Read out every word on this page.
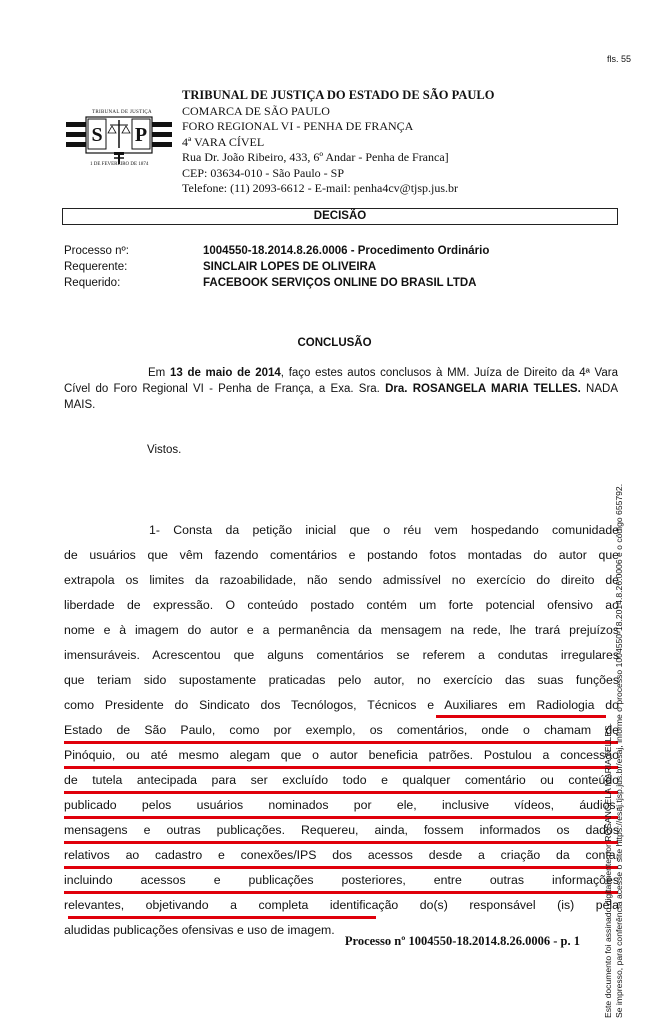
fls. 55
TRIBUNAL DE JUSTIÇA
S P
1 DE FEVEREIRO DE 1874
TRIBUNAL DE JUSTIÇA DO ESTADO DE SÃO PAULO
COMARCA DE SÃO PAULO
FORO REGIONAL VI - PENHA DE FRANÇA
4ª VARA CÍVEL
Rua Dr. João Ribeiro, 433, 6º Andar - Penha de Franca]
CEP: 03634-010 - São Paulo - SP
Telefone: (11) 2093-6612 - E-mail: penha4cv@tjsp.jus.br
DECISÃO
Processo nº:	1004550-18.2014.8.26.0006 - Procedimento Ordinário
Requerente:	SINCLAIR LOPES DE OLIVEIRA
Requerido:	FACEBOOK SERVIÇOS ONLINE DO BRASIL LTDA
CONCLUSÃO
Em 13 de maio de 2014, faço estes autos conclusos à MM. Juíza de Direito da 4ª Vara Cível do Foro Regional VI - Penha de França, a Exa. Sra. Dra. ROSANGELA MARIA TELLES. NADA MAIS.
Vistos.
1- Consta da petição inicial que o réu vem hospedando comunidade
de usuários que vêm fazendo comentários e postando fotos montadas do autor que
extrapola os limites da razoabilidade, não sendo admissível no exercício do direito de
liberdade de expressão. O conteúdo postado contém um forte potencial ofensivo ao
nome e à imagem do autor e a permanência da mensagem na rede, lhe trará prejuízos
imensuráveis. Acrescentou que alguns comentários se referem a condutas irregulares
que teriam sido supostamente praticadas pelo autor, no exercício das suas funções
como Presidente do Sindicato dos Tecnólogos, Técnicos e Auxiliares em Radiologia do
Estado de São Paulo, como por exemplo, os comentários, onde o chamam de
Pinóquio, ou até mesmo alegam que o autor beneficia patrões. Postulou a concessão
de tutela antecipada para ser excluído todo e qualquer comentário ou conteúdo
publicado pelos usuários nominados por ele, inclusive vídeos, áudios,
mensagens e outras publicações. Requereu, ainda, fossem informados os dados
relativos ao cadastro e conexões/IPS dos acessos desde a criação da conta,
incluindo acessos e publicações posteriores, entre outras informações
relevantes, objetivando a completa identificação do(s) responsável (is) pela
aludidas publicações ofensivas e uso de imagem.
Processo nº 1004550-18.2014.8.26.0006 - p. 1	Este documento foi assinado digitalmente por ROSANGELA MARIA TELLES. Se impresso, para conferência acesse o site https://esaj.tjsp.jus.br/esaj, informe o processo 1004550-18.2014.8.26.0006 e o código 655792.
